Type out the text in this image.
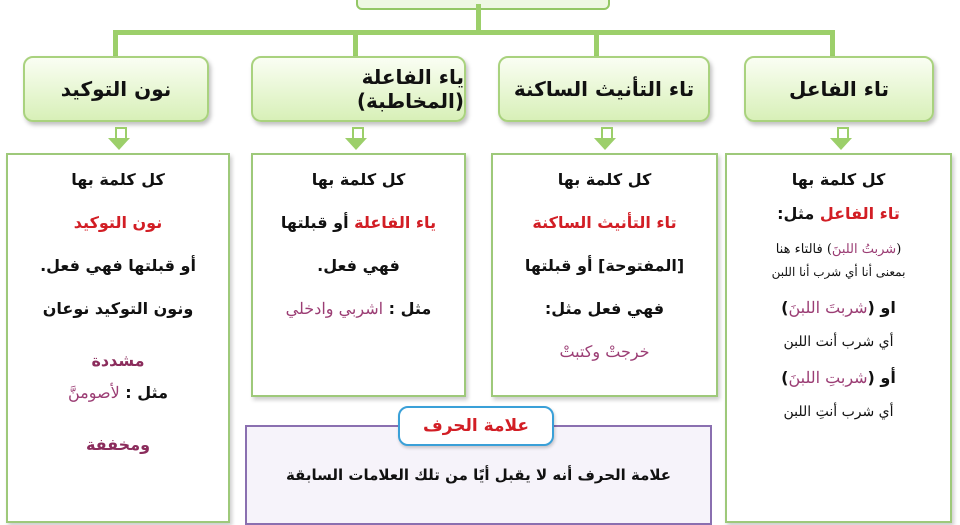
تاء الفاعل
تاء التأنيث الساكنة
ياء الفاعلة (المخاطبة)
نون التوكيد

كل كلمة بها

تاء الفاعل مثل:

(شربتُ اللبنَ) فالتاء هنا

بمعنى أنا أي شرب أنا اللبن

او (شربتَ اللبنَ)

أي شرب أنت اللبن

أو (شربتِ اللبنَ)

أي شرب أنتِ اللبن

كل كلمة بها

تاء التأنيث الساكنة

[المفتوحة] أو قبلتها

فهي فعل مثل:

خرجتْ وكتبتْ

كل كلمة بها

ياء الفاعلة أو قبلتها

فهي فعل.

مثل : اشربي وادخلي

كل كلمة بها

نون التوكيد

أو قبلتها فهي فعل.

ونون التوكيد نوعان

مشددة

مثل : لأصومنَّ

ومخففة

علامة الحرف
علامة الحرف أنه لا يقبل أيًا من تلك العلامات السابقة
